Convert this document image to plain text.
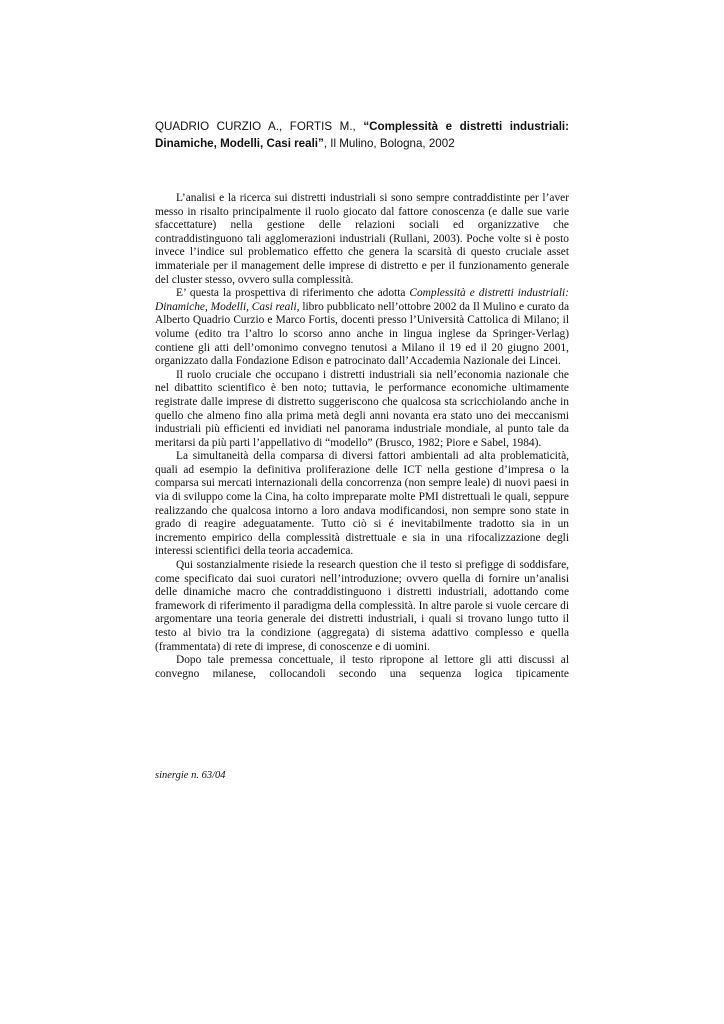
QUADRIO CURZIO A., FORTIS M., “Complessità e distretti industriali: Dinamiche, Modelli, Casi reali”, Il Mulino, Bologna, 2002

L’analisi e la ricerca sui distretti industriali si sono sempre contraddistinte per l’aver messo in risalto principalmente il ruolo giocato dal fattore conoscenza (e dalle sue varie sfaccettature) nella gestione delle relazioni sociali ed organizzative che contraddistinguono tali agglomerazioni industriali (Rullani, 2003). Poche volte si è posto invece l’indice sul problematico effetto che genera la scarsità di questo cruciale asset immateriale per il management delle imprese di distretto e per il funzionamento generale del cluster stesso, ovvero sulla complessità.

E’ questa la prospettiva di riferimento che adotta Complessità e distretti industriali: Dinamiche, Modelli, Casi reali, libro pubblicato nell’ottobre 2002 da Il Mulino e curato da Alberto Quadrio Curzio e Marco Fortis, docenti presso l’Università Cattolica di Milano; il volume (edito tra l’altro lo scorso anno anche in lingua inglese da Springer-Verlag) contiene gli atti dell’omonimo convegno tenutosi a Milano il 19 ed il 20 giugno 2001, organizzato dalla Fondazione Edison e patrocinato dall’Accademia Nazionale dei Lincei.

Il ruolo cruciale che occupano i distretti industriali sia nell’economia nazionale che nel dibattito scientifico è ben noto; tuttavia, le performance economiche ultimamente registrate dalle imprese di distretto suggeriscono che qualcosa sta scricchiolando anche in quello che almeno fino alla prima metà degli anni novanta era stato uno dei meccanismi industriali più efficienti ed invidiati nel panorama industriale mondiale, al punto tale da meritarsi da più parti l’appellativo di “modello” (Brusco, 1982; Piore e Sabel, 1984).

La simultaneità della comparsa di diversi fattori ambientali ad alta problematicità, quali ad esempio la definitiva proliferazione delle ICT nella gestione d’impresa o la comparsa sui mercati internazionali della concorrenza (non sempre leale) di nuovi paesi in via di sviluppo come la Cina, ha colto impreparate molte PMI distrettuali le quali, seppure realizzando che qualcosa intorno a loro andava modificandosi, non sempre sono state in grado di reagire adeguatamente. Tutto ciò si é inevitabilmente tradotto sia in un incremento empirico della complessità distrettuale e sia in una rifocalizzazione degli interessi scientifici della teoria accademica.

Qui sostanzialmente risiede la research question che il testo si prefigge di soddisfare, come specificato dai suoi curatori nell’introduzione; ovvero quella di fornire un’analisi delle dinamiche macro che contraddistinguono i distretti industriali, adottando come framework di riferimento il paradigma della complessità. In altre parole si vuole cercare di argomentare una teoria generale dei distretti industriali, i quali si trovano lungo tutto il testo al bivio tra la condizione (aggregata) di sistema adattivo complesso e quella (frammentata) di rete di imprese, di conoscenze e di uomini.

Dopo tale premessa concettuale, il testo ripropone al lettore gli atti discussi al convegno milanese, collocandoli secondo una sequenza logica tipicamente

sinergie n. 63/04
